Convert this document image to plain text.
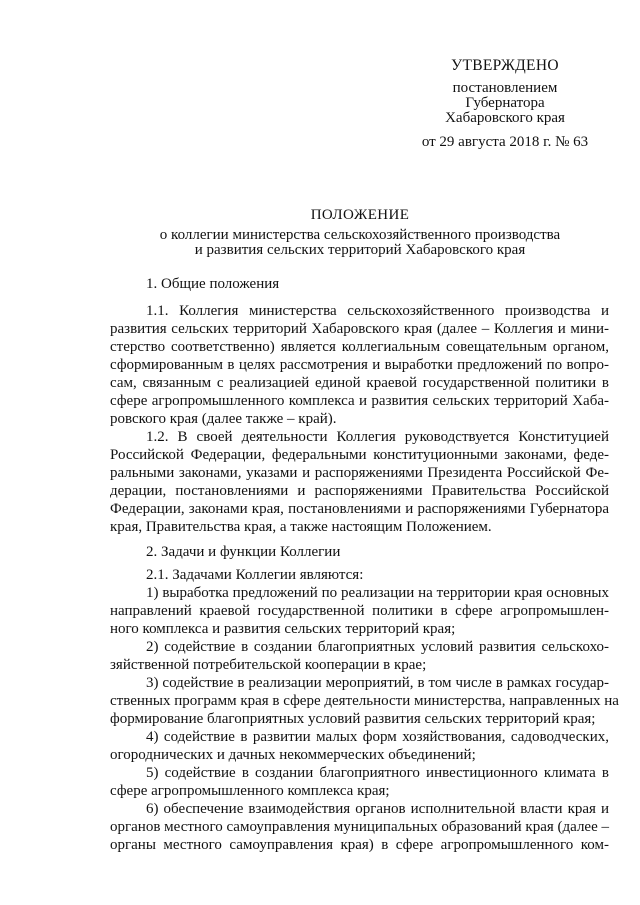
УТВЕРЖДЕНО
постановлением
Губернатора
Хабаровского края
от 29 августа 2018 г. № 63
ПОЛОЖЕНИЕ
о коллегии министерства сельскохозяйственного производства
и развития сельских территорий Хабаровского края
1. Общие положения
1.1. Коллегия министерства сельскохозяйственного производства и
развития сельских территорий Хабаровского края (далее – Коллегия и мини-
стерство соответственно) является коллегиальным совещательным органом,
сформированным в целях рассмотрения и выработки предложений по вопро-
сам, связанным с реализацией единой краевой государственной политики в
сфере агропромышленного комплекса и развития сельских территорий Хаба-
ровского края (далее также – край).
1.2. В своей деятельности Коллегия руководствуется Конституцией
Российской Федерации, федеральными конституционными законами, феде-
ральными законами, указами и распоряжениями Президента Российской Фе-
дерации, постановлениями и распоряжениями Правительства Российской
Федерации, законами края, постановлениями и распоряжениями Губернатора
края, Правительства края, а также настоящим Положением.
2. Задачи и функции Коллегии
2.1. Задачами Коллегии являются:
1) выработка предложений по реализации на территории края основных
направлений краевой государственной политики в сфере агропромышлен-
ного комплекса и развития сельских территорий края;
2) содействие в создании благоприятных условий развития сельскохо-
зяйственной потребительской кооперации в крае;
3) содействие в реализации мероприятий, в том числе в рамках государ-
ственных программ края в сфере деятельности министерства, направленных на
формирование благоприятных условий развития сельских территорий края;
4) содействие в развитии малых форм хозяйствования, садоводческих,
огороднических и дачных некоммерческих объединений;
5) содействие в создании благоприятного инвестиционного климата в
сфере агропромышленного комплекса края;
6) обеспечение взаимодействия органов исполнительной власти края и
органов местного самоуправления муниципальных образований края (далее –
органы местного самоуправления края) в сфере агропромышленного ком-
